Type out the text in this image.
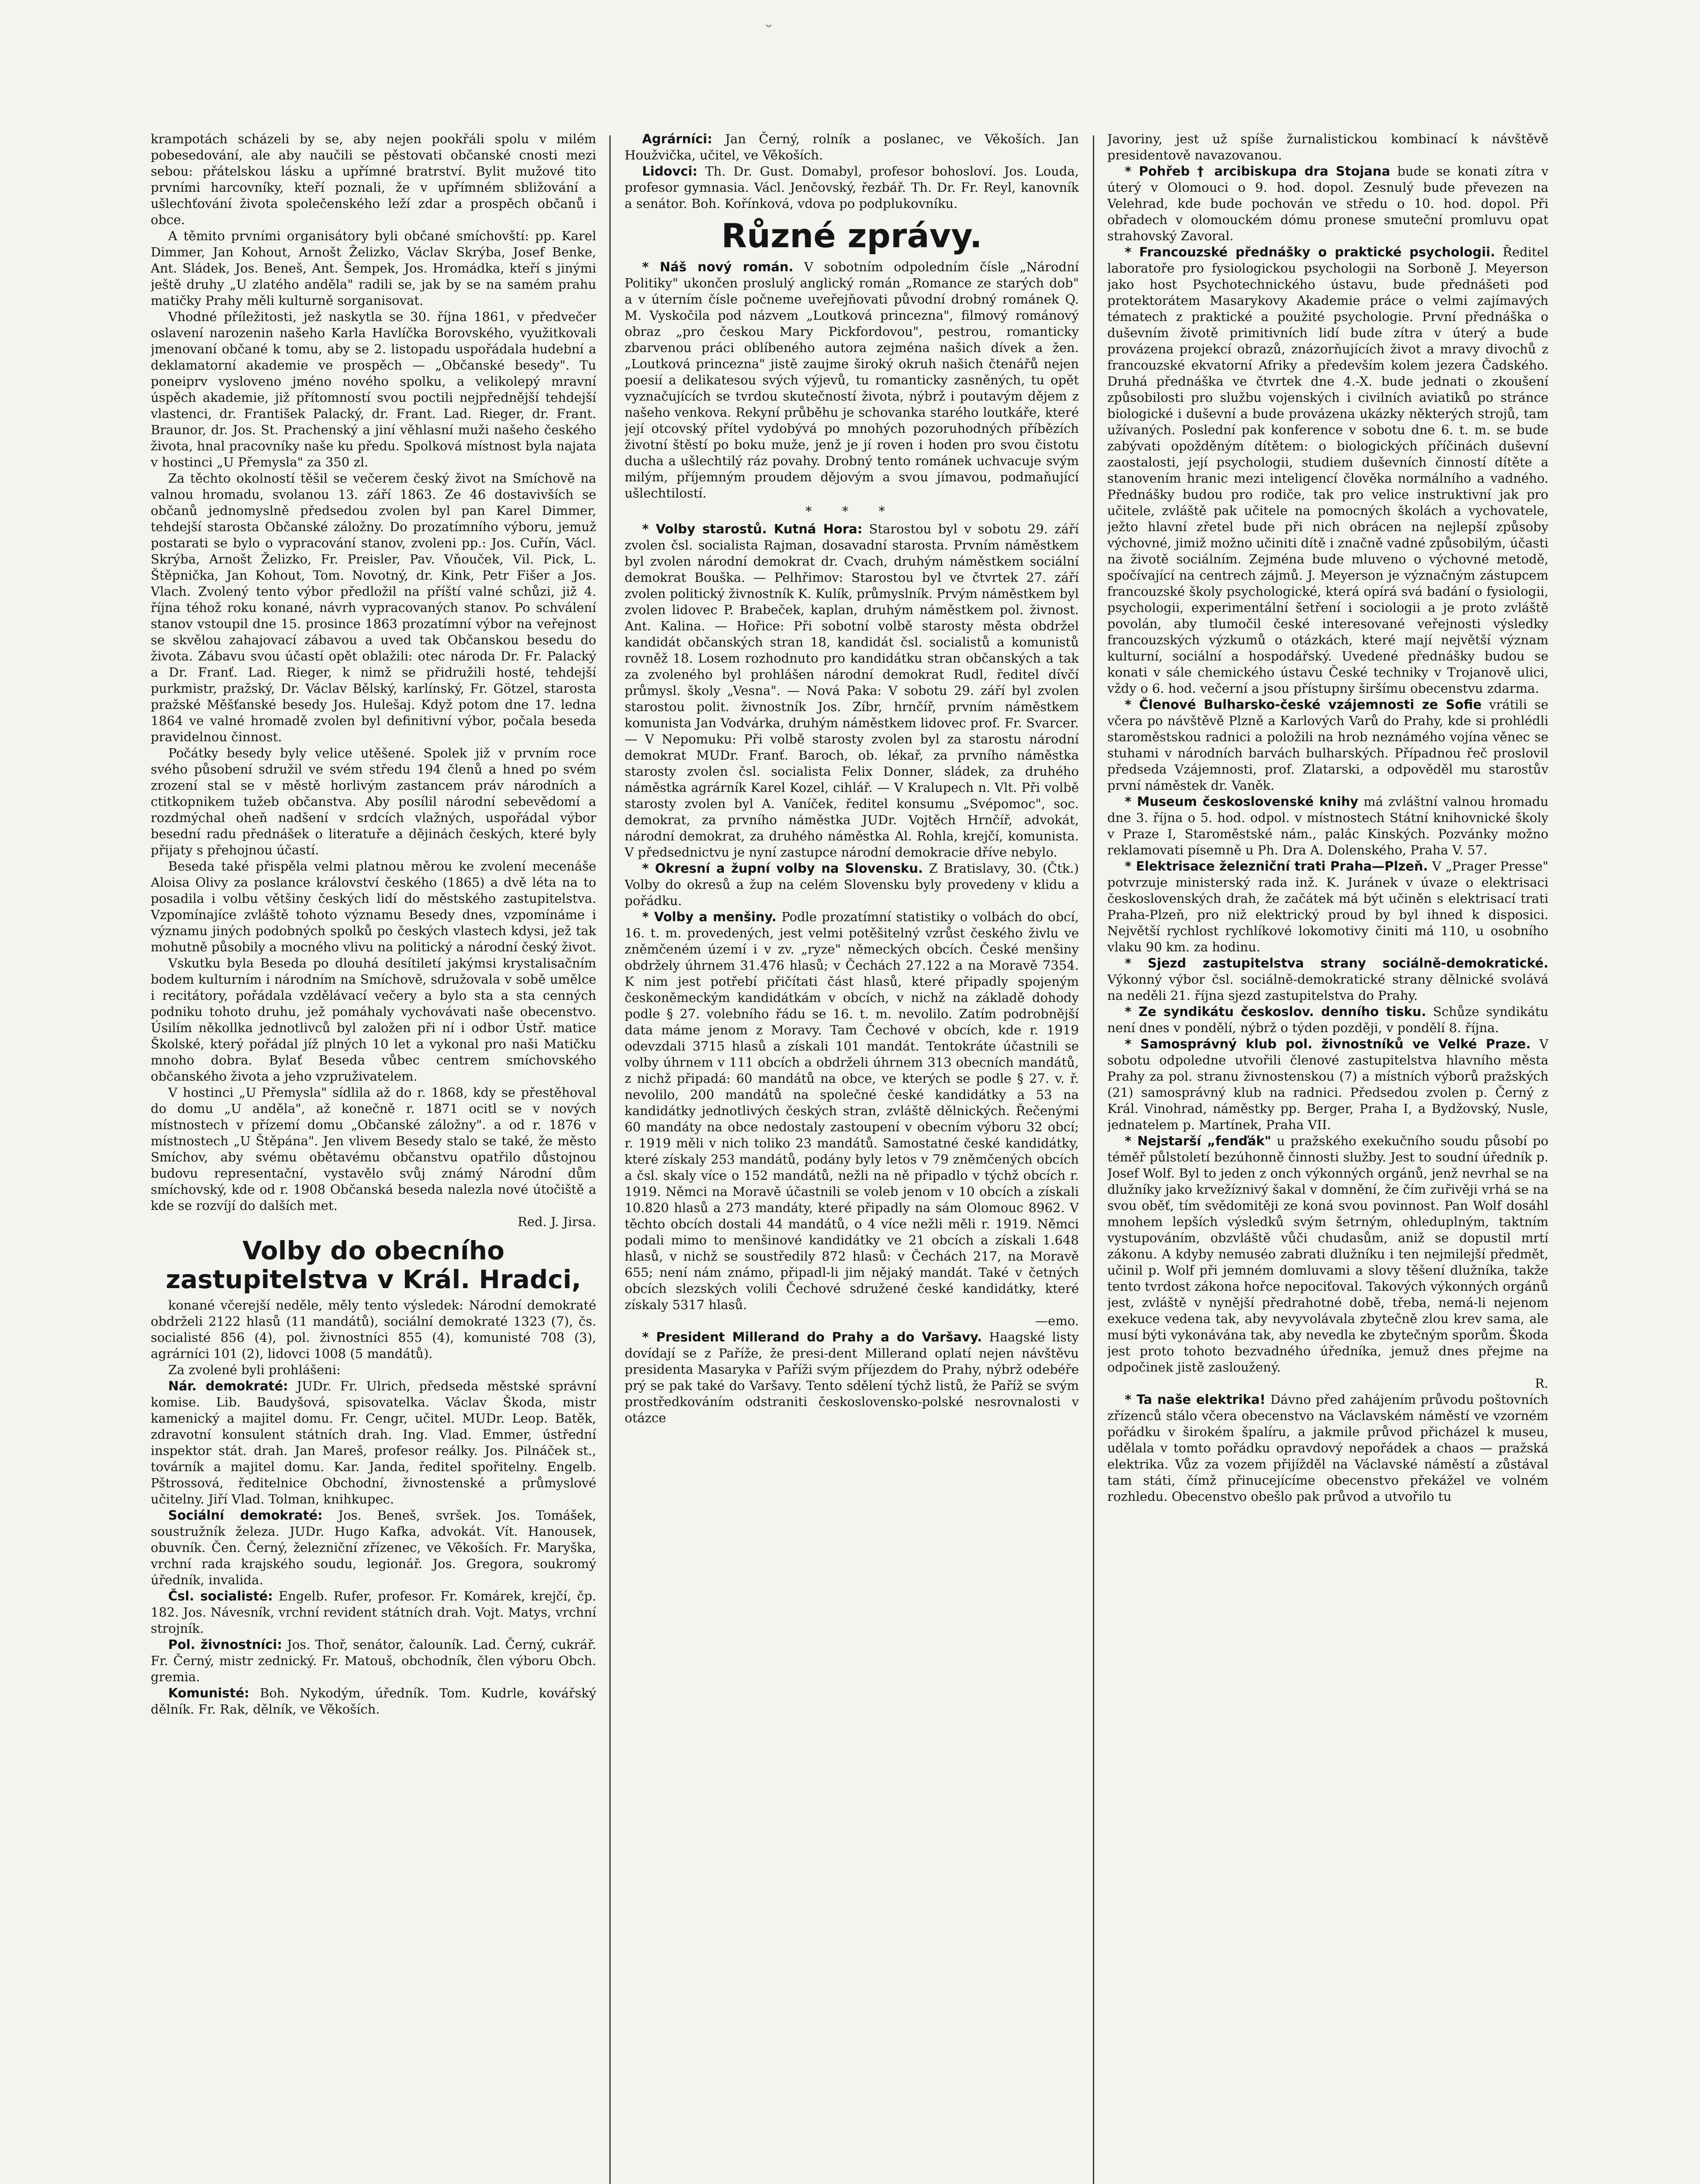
˘

krampotách scházeli by se, aby nejen pookřáli spolu v milém pobesedování, ale aby naučili se pěstovati občanské cnosti mezi sebou: přátelskou lásku a upřímné bratrství. Bylit mužové tito prvními harcovníky, kteří poznali, že v upřímném sbližování a ušlechťování života společenského leží zdar a prospěch občanů i obce.

A těmito prvními organisátory byli občané smíchovští: pp. Karel Dimmer, Jan Kohout, Arnošt Želizko, Václav Skrýba, Josef Benke, Ant. Sládek, Jos. Beneš, Ant. Šempek, Jos. Hromádka, kteří s jinými ještě druhy „U zlatého anděla" radili se, jak by se na samém prahu matičky Prahy měli kulturně sorganisovat.

Vhodné příležitosti, jež naskytla se 30. října 1861, v předvečer oslavení narozenin našeho Karla Havlíčka Borovského, využitkovali jmenovaní občané k tomu, aby se 2. listopadu uspořádala hudební a deklamatorní akademie ve prospěch — „Občanské besedy". Tu poneiprv vysloveno jméno nového spolku, a velikolepý mravní úspěch akademie, již přítomností svou poctili nejpřednější tehdejší vlastenci, dr. František Palacký, dr. Frant. Lad. Rieger, dr. Frant. Braunor, dr. Jos. St. Prachenský a jiní věhlasní muži našeho českého života, hnal pracovníky naše ku předu. Spolková místnost byla najata v hostinci „U Přemysla" za 350 zl.

Za těchto okolností těšil se večerem český život na Smíchově na valnou hromadu, svolanou 13. září 1863. Ze 46 dostavivších se občanů jednomyslně předsedou zvolen byl pan Karel Dimmer, tehdejší starosta Občanské záložny. Do prozatímního výboru, jemuž postarati se bylo o vypracování stanov, zvoleni pp.: Jos. Cuřín, Václ. Skrýba, Arnošt Želizko, Fr. Preisler, Pav. Vňouček, Vil. Pick, L. Štěpnička, Jan Kohout, Tom. Novotný, dr. Kink, Petr Fišer a Jos. Vlach. Zvolený tento výbor předložil na příští valné schůzi, již 4. října téhož roku konané, návrh vypracovaných stanov. Po schválení stanov vstoupil dne 15. prosince 1863 prozatímní výbor na veřejnost se skvělou zahajovací zábavou a uved tak Občanskou besedu do života. Zábavu svou účastí opět oblažili: otec národa Dr. Fr. Palacký a Dr. Franť. Lad. Rieger, k nimž se přidružili hosté, tehdejší purkmistr, pražský, Dr. Václav Bělský, karlínský, Fr. Götzel, starosta pražské Měšťanské besedy Jos. Hulešaj. Když potom dne 17. ledna 1864 ve valné hromadě zvolen byl definitivní výbor, počala beseda pravidelnou činnost.

Počátky besedy byly velice utěšené. Spolek již v prvním roce svého působení sdružil ve svém středu 194 členů a hned po svém zrození stal se v městě horlivým zastancem práv národních a ctitkopnikem tužeb občanstva. Aby posílil národní sebevědomí a rozdmýchal oheň nadšení v srdcích vlažných, uspořádal výbor besední radu přednášek o literatuře a dějinách českých, které byly přijaty s přehojnou účastí.

Beseda také přispěla velmi platnou měrou ke zvolení mecenáše Aloisa Olivy za poslance království českého (1865) a dvě léta na to posadila i volbu většiny českých lidí do městského zastupitelstva. Vzpomínajíce zvláště tohoto významu Besedy dnes, vzpomínáme i významu jiných podobných spolků po českých vlastech kdysi, jež tak mohutně působily a mocného vlivu na politický a národní český život.

Vskutku byla Beseda po dlouhá desítiletí jakýmsi krystalisačním bodem kulturním i národním na Smíchově, sdružovala v sobě umělce i recitátory, pořádala vzdělávací večery a bylo sta a sta cenných podniku tohoto druhu, jež pomáhaly vychovávati naše obecenstvo. Úsilím někollka jednotlivců byl založen při ní i odbor Ústř. matice Školské, který pořádal jíž plných 10 let a vykonal pro naši Matičku mnoho dobra. Bylať Beseda vůbec centrem smíchovského občanského života a jeho vzpruživatelem.

V hostinci „U Přemysla" sídlila až do r. 1868, kdy se přestěhoval do domu „U anděla", až konečně r. 1871 ocitl se v nových místnostech v přízemí domu „Občanské záložny". a od r. 1876 v místnostech „U Štěpána". Jen vlivem Besedy stalo se také, že město Smíchov, aby svému obětavému občanstvu opatřilo důstojnou budovu representační, vystavělo svůj známý Národní dům smíchovský, kde od r. 1908 Občanská beseda nalezla nové útočiště a kde se rozvíjí do dalších met.

Red. J. Jirsa.

Volby do obecního zastupitelstva v Král. Hradci,

konané včerejší neděle, měly tento výsledek: Národní demokraté obdrželi 2122 hlasů (11 mandátů), sociální demokraté 1323 (7), čs. socialisté 856 (4), pol. živnostníci 855 (4), komunisté 708 (3), agrárníci 101 (2), lidovci 1008 (5 mandátů).

Za zvolené byli prohlášeni:

Nár. demokraté: JUDr. Fr. Ulrich, předseda městské správní komise. Lib. Baudyšová, spisovatelka. Václav Škoda, mistr kamenický a majitel domu. Fr. Cengr, učitel. MUDr. Leop. Batěk, zdravotní konsulent státních drah. Ing. Vlad. Emmer, ústřední inspektor stát. drah. Jan Mareš, profesor reálky. Jos. Pilnáček st., továrník a majitel domu. Kar. Janda, ředitel spořitelny. Engelb. Pštrossová, ředitelnice Obchodní, živnostenské a průmyslové učitelny. Jiří Vlad. Tolman, knihkupec.

Sociální demokraté: Jos. Beneš, svršek. Jos. Tomášek, soustružník železa. JUDr. Hugo Kafka, advokát. Vít. Hanousek, obuvník. Čen. Černý, železniční zřízenec, ve Věkoších. Fr. Maryška, vrchní rada krajského soudu, legionář. Jos. Gregora, soukromý úředník, invalida.

Čsl. socialisté: Engelb. Rufer, profesor. Fr. Komárek, krejčí, čp. 182. Jos. Návesník, vrchní revident státních drah. Vojt. Matys, vrchní strojník.

Pol. živnostníci: Jos. Thoř, senátor, čalouník. Lad. Černý, cukrář. Fr. Černý, mistr zednický. Fr. Matouš, obchodník, člen výboru Obch. gremia.

Komunisté: Boh. Nykodým, úředník. Tom. Kudrle, kovářský dělník. Fr. Rak, dělník, ve Věkoších.

Agrárníci: Jan Černý, rolník a poslanec, ve Věkoších. Jan Houžvička, učitel, ve Věkoších.

Lidovci: Th. Dr. Gust. Domabyl, profesor bohosloví. Jos. Louda, profesor gymnasia. Václ. Jenčovský, řezbář. Th. Dr. Fr. Reyl, kanovník a senátor. Boh. Kořínková, vdova po podplukovníku.

Různé zprávy.

* Náš nový román. V sobotním odpoledním čísle „Národní Politiky" ukončen proslulý anglický román „Romance ze starých dob" a v úterním čísle počneme uveřejňovati původní drobný románek Q. M. Vyskočila pod názvem „Loutková princezna", filmový románový obraz „pro českou Mary Pickfordovou", pestrou, romanticky zbarvenou práci oblíbeného autora zejména našich dívek a žen. „Loutková princezna" jistě zaujme široký okruh našich čtenářů nejen poesií a delikatesou svých výjevů, tu romanticky zasněných, tu opět vyznačujících se tvrdou skutečností života, nýbrž i poutavým dějem z našeho venkova. Rekyní průběhu je schovanka starého loutkáře, které její otcovský přítel vydobývá po mnohých pozoruhodných příbězích životní štěstí po boku muže, jenž je jí roven i hoden pro svou čistotu ducha a ušlechtilý ráz povahy. Drobný tento románek uchvacuje svým milým, příjemným proudem dějovým a svou jímavou, podmaňující ušlechtilostí.

* * *

* Volby starostů. Kutná Hora: Starostou byl v sobotu 29. září zvolen čsl. socialista Rajman, dosavadní starosta. Prvním náměstkem byl zvolen národní demokrat dr. Cvach, druhým náměstkem sociální demokrat Bouška. — Pelhřimov: Starostou byl ve čtvrtek 27. září zvolen politický živnostník K. Kulík, průmyslník. Prvým náměstkem byl zvolen lidovec P. Brabeček, kaplan, druhým náměstkem pol. živnost. Ant. Kalina. — Hořice: Při sobotní volbě starosty města obdržel kandidát občanských stran 18, kandidát čsl. socialistů a komunistů rovněž 18. Losem rozhodnuto pro kandidátku stran občanských a tak za zvoleného byl prohlášen národní demokrat Rudl, ředitel dívčí průmysl. školy „Vesna". — Nová Paka: V sobotu 29. září byl zvolen starostou polit. živnostník Jos. Zíbr, hrnčíř, prvním náměstkem komunista Jan Vodvárka, druhým náměstkem lidovec prof. Fr. Svarcer. — V Nepomuku: Při volbě starosty zvolen byl za starostu národní demokrat MUDr. Franť. Baroch, ob. lékař, za prvního náměstka starosty zvolen čsl. socialista Felix Donner, sládek, za druhého náměstka agrárník Karel Kozel, cihlář. — V Kralupech n. Vlt. Při volbě starosty zvolen byl A. Vaníček, ředitel konsumu „Svépomoc", soc. demokrat, za prvního náměstka JUDr. Vojtěch Hrnčíř, advokát, národní demokrat, za druhého náměstka Al. Rohla, krejčí, komunista. V předsednictvu je nyní zastupce národní demokracie dříve nebylo.

* Okresní a župní volby na Slovensku. Z Bratislavy, 30. (Čtk.) Volby do okresů a žup na celém Slovensku byly provedeny v klidu a pořádku.

* Volby a menšiny. Podle prozatímní statistiky o volbách do obcí, 16. t. m. provedených, jest velmi potěšitelný vzrůst českého živlu ve zněmčeném území i v zv. „ryze" německých obcích. České menšiny obdržely úhrnem 31.476 hlasů; v Čechách 27.122 a na Moravě 7354. K nim jest potřebí přičítati část hlasů, které připadly spojeným českoněmeckým kandidátkám v obcích, v nichž na základě dohody podle § 27. volebního řádu se 16. t. m. nevolilo. Zatím podrobnější data máme jenom z Moravy. Tam Čechové v obcích, kde r. 1919 odevzdali 3715 hlasů a získali 101 mandát. Tentokráte účastnili se volby úhrnem v 111 obcích a obdrželi úhrnem 313 obecních mandátů, z nichž připadá: 60 mandátů na obce, ve kterých se podle § 27. v. ř. nevolilo, 200 mandátů na společné české kandidátky a 53 na kandidátky jednotlivých českých stran, zvláště dělnických. Řečenými 60 mandáty na obce nedostaly zastoupení v obecním výboru 32 obcí; r. 1919 měli v nich toliko 23 mandátů. Samostatné české kandidátky, které získaly 253 mandátů, podány byly letos v 79 zněmčených obcích a čsl. skaly více o 152 mandátů, nežli na ně připadlo v týchž obcích r. 1919. Němci na Moravě účastnili se voleb jenom v 10 obcích a získali 10.820 hlasů a 273 mandáty, které připadly na sám Olomouc 8962. V těchto obcích dostali 44 mandátů, o 4 více nežli měli r. 1919. Němci podali mimo to menšinové kandidátky ve 21 obcích a získali 1.648 hlasů, v nichž se soustředily 872 hlasů: v Čechách 217, na Moravě 655; není nám známo, připadl-li jim nějaký mandát. Také v četných obcích slezských volili Čechové sdružené české kandidátky, které získaly 5317 hlasů.

—emo.

* President Millerand do Prahy a do Varšavy. Haagské listy dovídají se z Paříže, že presi-dent Millerand oplatí nejen návštěvu presidenta Masaryka v Paříži svým příjezdem do Prahy, nýbrž odebéře prý se pak také do Varšavy. Tento sdělení týchž listů, že Paříž se svým prostředkováním odstraniti československo-polské nesrovnalosti v otázce

Javoriny, jest už spíše žurnalistickou kombinací k návštěvě presidentově navazovanou.

* Pohřeb † arcibiskupa dra Stojana bude se konati zítra v úterý v Olomouci o 9. hod. dopol. Zesnulý bude převezen na Velehrad, kde bude pochován ve středu o 10. hod. dopol. Při obřadech v olomouckém dómu pronese smuteční promluvu opat strahovský Zavoral.

* Francouzské přednášky o praktické psychologii. Ředitel laboratoře pro fysiologickou psychologii na Sorboně J. Meyerson jako host Psychotechnického ústavu, bude přednášeti pod protektorátem Masarykovy Akademie práce o velmi zajímavých tématech z praktické a použité psychologie. První přednáška o duševním životě primitivních lidí bude zítra v úterý a bude provázena projekcí obrazů, znázorňujících život a mravy divochů z francouzské ekvatorní Afriky a především kolem jezera Čadského. Druhá přednáška ve čtvrtek dne 4.-X. bude jednati o zkoušení způsobilosti pro službu vojenských i civilních aviatiků po stránce biologické i duševní a bude provázena ukázky některých strojů, tam užívaných. Poslední pak konference v sobotu dne 6. t. m. se bude zabývati opožděným dítětem: o biologických příčinách duševní zaostalosti, její psychologii, studiem duševních činností dítěte a stanovením hranic mezi inteligencí člověka normálního a vadného. Přednášky budou pro rodiče, tak pro velice instruktivní jak pro učitele, zvláště pak učitele na pomocných školách a vychovatele, ježto hlavní zřetel bude při nich obrácen na nejlepší způsoby výchovné, jimiž možno učiniti dítě i značně vadné způsobilým, účasti na životě sociálním. Zejména bude mluveno o výchovné metodě, spočívající na centrech zájmů. J. Meyerson je význačným zástupcem francouzské školy psychologické, která opírá svá badání o fysiologii, psychologii, experimentální šetření i sociologii a je proto zvláště povolán, aby tlumočil české interesované veřejnosti výsledky francouzských výzkumů o otázkách, které mají největší význam kulturní, sociální a hospodářský. Uvedené přednášky budou se konati v sále chemického ústavu České techniky v Trojanově ulici, vždy o 6. hod. večerní a jsou přístupny širšímu obecenstvu zdarma.

* Členové Bulharsko-české vzájemnosti ze Sofie vrátili se včera po návštěvě Plzně a Karlových Varů do Prahy, kde si prohlédli staroměstskou radnici a položili na hrob neznámého vojína věnec se stuhami v národních barvách bulharských. Případnou řeč proslovil předseda Vzájemnosti, prof. Zlatarski, a odpověděl mu starostův první náměstek dr. Vaněk.

* Museum československé knihy má zvláštní valnou hromadu dne 3. října o 5. hod. odpol. v místnostech Státní knihovnické školy v Praze I, Staroměstské nám., palác Kinských. Pozvánky možno reklamovati písemně u Ph. Dra A. Dolenského, Praha V. 57.

* Elektrisace železniční trati Praha—Plzeň. V „Prager Presse" potvrzuje ministerský rada inž. K. Juránek v úvaze o elektrisaci československých drah, že začátek má být učiněn s elektrisací trati Praha-Plzeň, pro niž elektrický proud by byl ihned k disposici. Největší rychlost rychlíkové lokomotivy činiti má 110, u osobního vlaku 90 km. za hodinu.

* Sjezd zastupitelstva strany sociálně-demokratické. Výkonný výbor čsl. sociálně-demokratické strany dělnické svolává na neděli 21. října sjezd zastupitelstva do Prahy.

* Ze syndikátu českoslov. denního tisku. Schůze syndikátu není dnes v pondělí, nýbrž o týden později, v pondělí 8. října.

* Samosprávný klub pol. živnostníků ve Velké Praze. V sobotu odpoledne utvořili členové zastupitelstva hlavního města Prahy za pol. stranu živnostenskou (7) a místních výborů pražských (21) samosprávný klub na radnici. Předsedou zvolen p. Černý z Král. Vinohrad, náměstky pp. Berger, Praha I, a Bydžovský, Nusle, jednatelem p. Martínek, Praha VII.

* Nejstarší „fenďák" u pražského exekučního soudu působí po téměř půlstoletí bezúhonně činnosti služby. Jest to soudní úředník p. Josef Wolf. Byl to jeden z onch výkonných orgánů, jenž nevrhal se na dlužníky jako krvežíznivý šakal v domnění, že čím zuřivěji vrhá se na svou oběť, tím svědomitěji ze koná svou povinnost. Pan Wolf dosáhl mnohem lepších výsledků svým šetrným, ohleduplným, taktním vystupováním, obzvláště vůči chudasům, aniž se dopustil mrtí zákonu. A kdyby nemuséo zabrati dlužníku i ten nejmilejší předmět, učinil p. Wolf při jemném domluvami a slovy těšení dlužníka, takže tento tvrdost zákona hořce nepociťoval. Takových výkonných orgánů jest, zvláště v nynější předrahotné době, třeba, nemá-li nejenom exekuce vedena tak, aby nevyvolávala zbytečně zlou krev sama, ale musí býti vykonávána tak, aby nevedla ke zbytečným sporům. Škoda jest proto tohoto bezvadného úředníka, jemuž dnes přejme na odpočinek jistě zasloužený.

R.

* Ta naše elektrika! Dávno před zahájením průvodu poštovních zřízenců stálo včera obecenstvo na Václavském náměstí ve vzorném pořádku v širokém špalíru, a jakmile průvod přicházel k museu, udělala v tomto pořádku opravdový nepořádek a chaos — pražská elektrika. Vůz za vozem přijížděl na Václavské náměstí a zůstával tam státi, čímž přinucejícíme obecenstvo překážel ve volném rozhledu. Obecenstvo obešlo pak průvod a utvořilo tu
